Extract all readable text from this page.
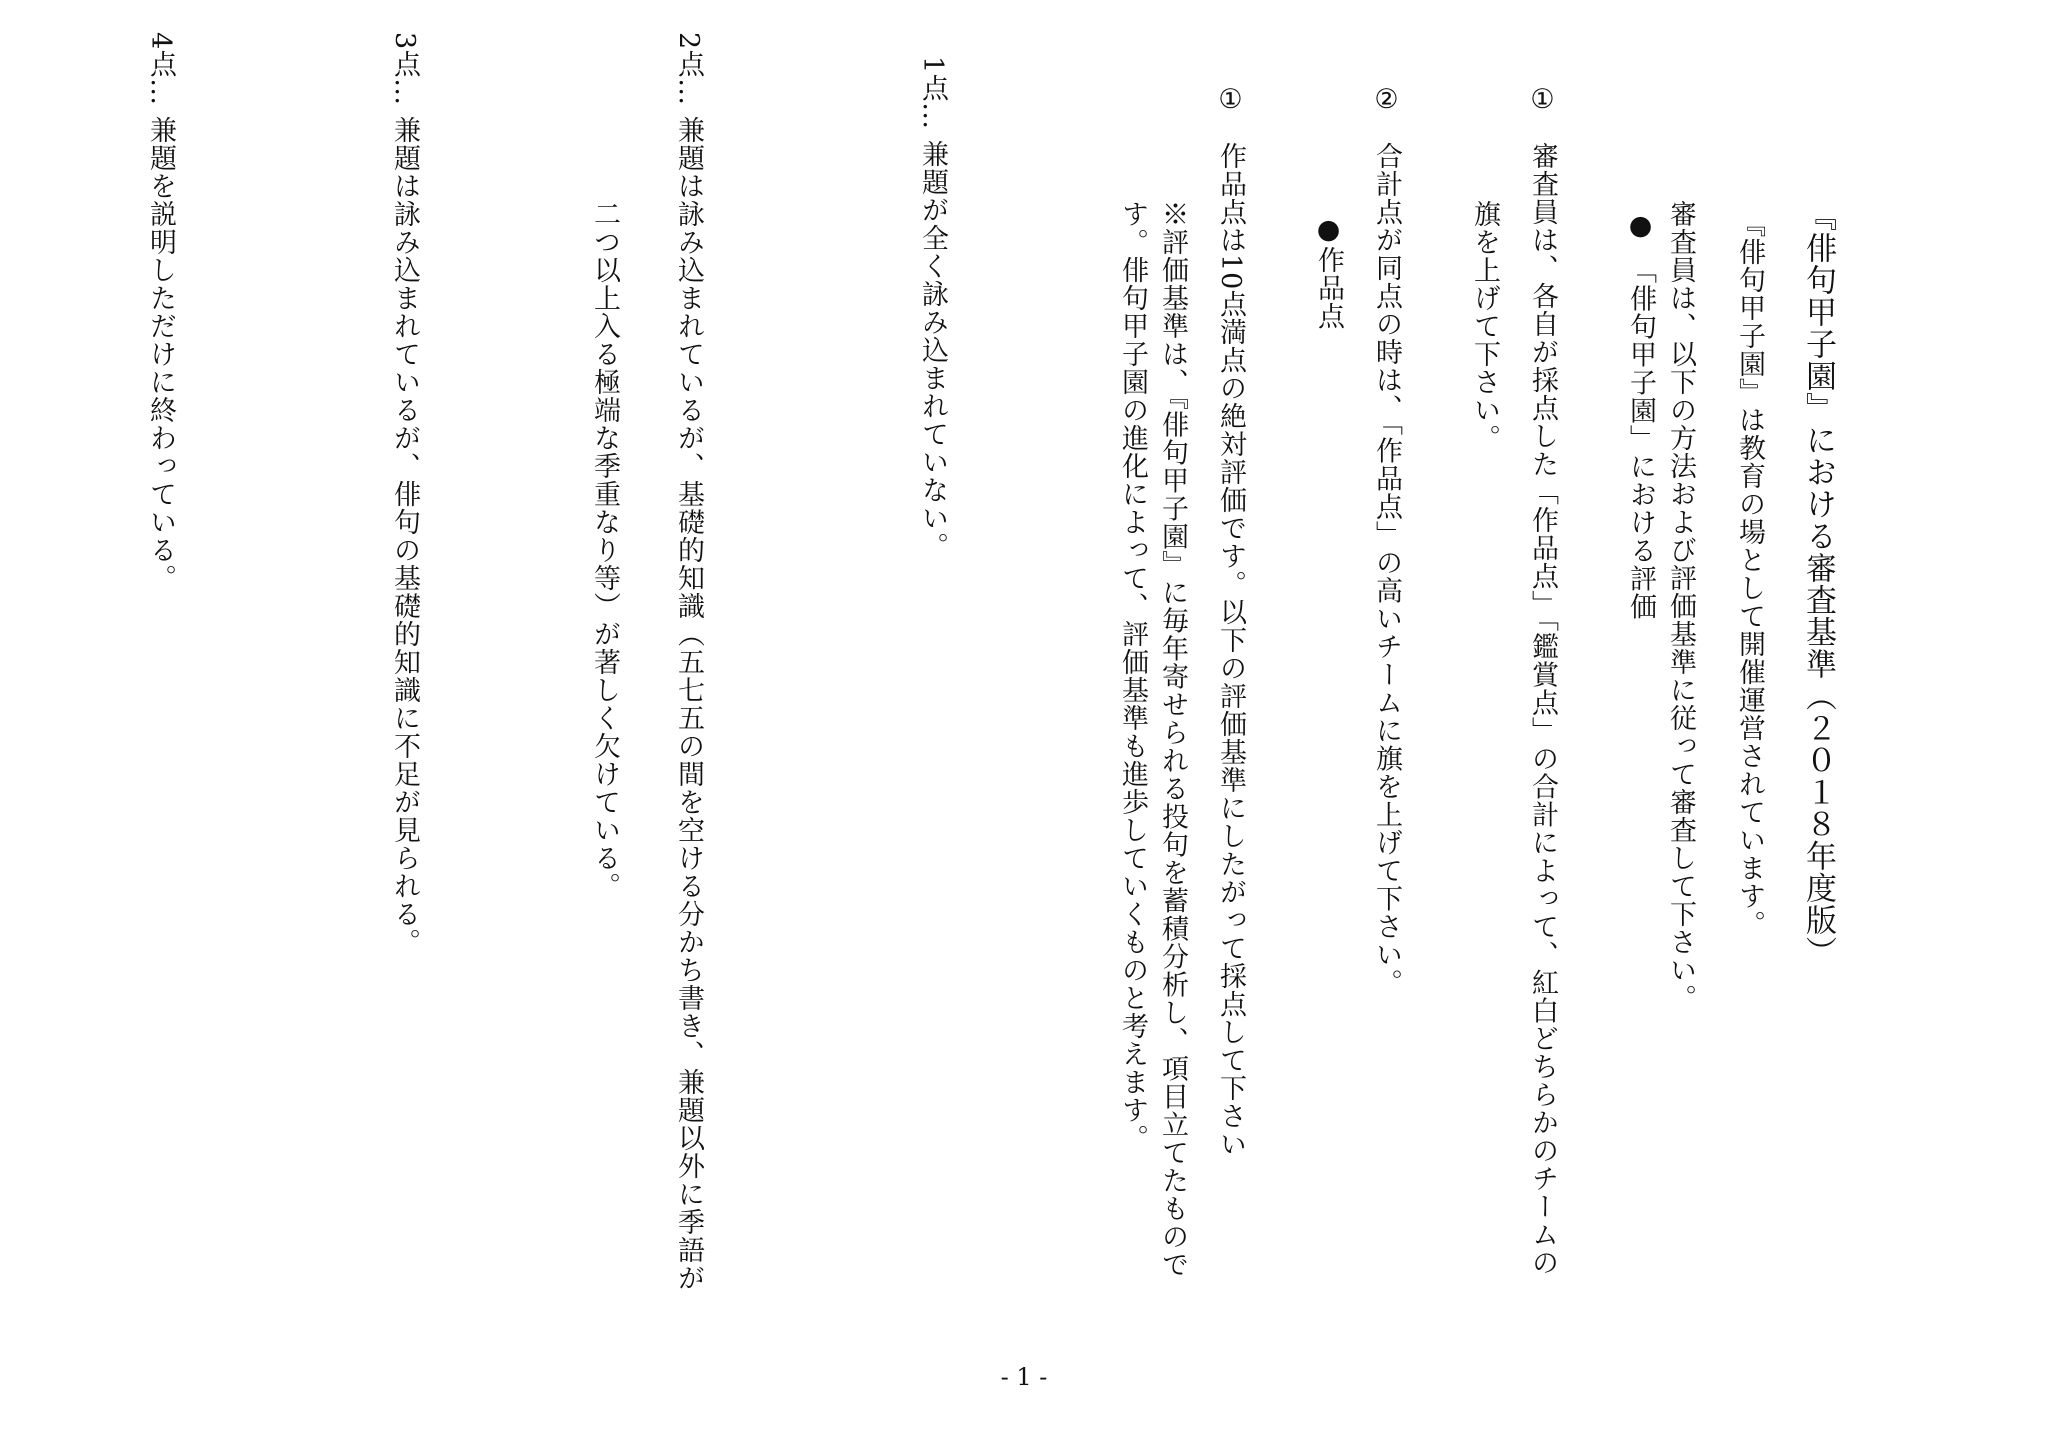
『俳句甲子園』における審査基準（２０１８年度版）

『俳句甲子園』は教育の場として開催運営されています。

審査員は、以下の方法および評価基準に従って審査して下さい。

●　「俳句甲子園」における評価

①審査員は、各自が採点した「作品点」「鑑賞点」の合計によって、紅白どちらかのチームの旗を上げて下さい。

②合計点が同点の時は、「作品点」の高いチームに旗を上げて下さい。

●作品点

①作品点は10点満点の絶対評価です。以下の評価基準にしたがって採点して下さい

※評価基準は、『俳句甲子園』に毎年寄せられる投句を蓄積分析し、項目立てたものです。俳句甲子園の進化によって、評価基準も進歩していくものと考えます。

1点…兼題が全く詠み込まれていない。

2点…兼題は詠み込まれているが、基礎的知識（五七五の間を空ける分かち書き、兼題以外に季語が二つ以上入る極端な季重なり等）が著しく欠けている。

3点…兼題は詠み込まれているが、俳句の基礎的知識に不足が見られる。

4点…兼題を説明しただけに終わっている。

- 1 -
